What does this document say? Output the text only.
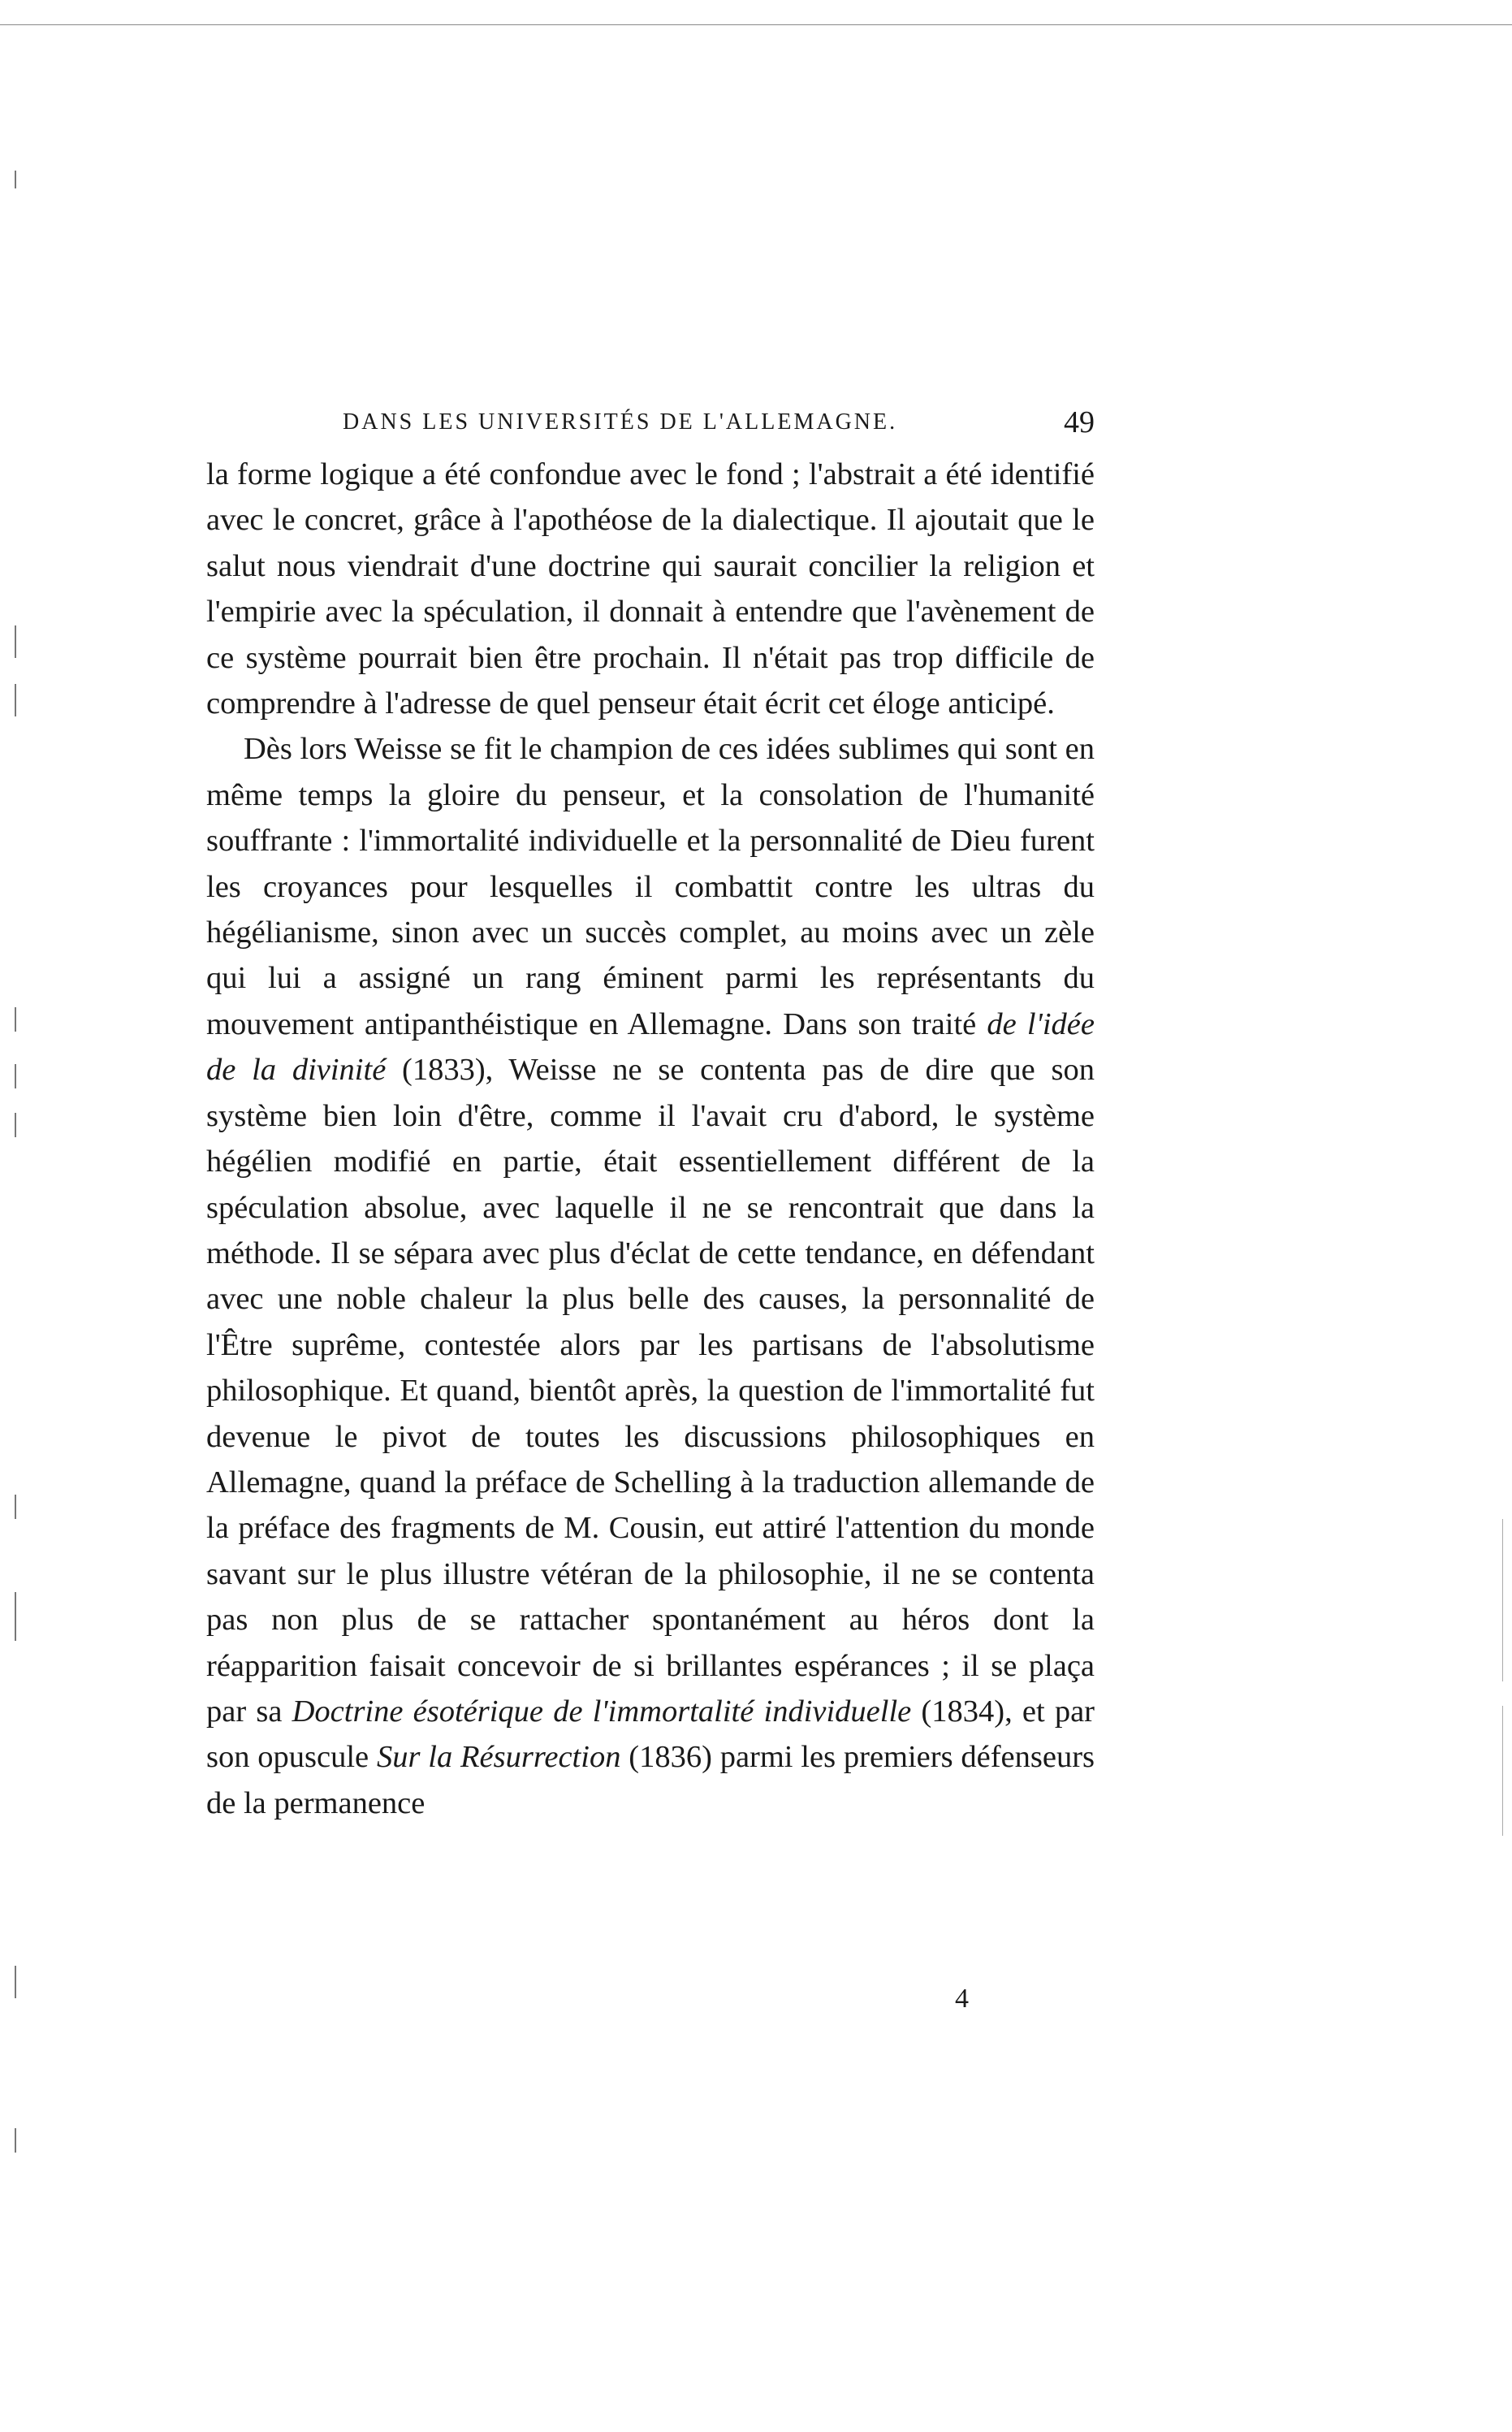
DANS LES UNIVERSITÉS DE L'ALLEMAGNE.	49

la forme logique a été confondue avec le fond ; l'abstrait a été identifié avec le concret, grâce à l'apothéose de la dialectique. Il ajoutait que le salut nous viendrait d'une doctrine qui saurait concilier la religion et l'empirie avec la spéculation, il donnait à entendre que l'avènement de ce système pourrait bien être prochain. Il n'était pas trop difficile de comprendre à l'adresse de quel penseur était écrit cet éloge anticipé.

Dès lors Weisse se fit le champion de ces idées sublimes qui sont en même temps la gloire du penseur, et la consolation de l'humanité souffrante : l'immortalité individuelle et la personnalité de Dieu furent les croyances pour lesquelles il combattit contre les ultras du hégélianisme, sinon avec un succès complet, au moins avec un zèle qui lui a assigné un rang éminent parmi les représentants du mouvement antipanthéistique en Allemagne. Dans son traité de l'idée de la divinité (1833), Weisse ne se contenta pas de dire que son système bien loin d'être, comme il l'avait cru d'abord, le système hégélien modifié en partie, était essentiellement différent de la spéculation absolue, avec laquelle il ne se rencontrait que dans la méthode. Il se sépara avec plus d'éclat de cette tendance, en défendant avec une noble chaleur la plus belle des causes, la personnalité de l'Être suprême, contestée alors par les partisans de l'absolutisme philosophique. Et quand, bientôt après, la question de l'immortalité fut devenue le pivot de toutes les discussions philosophiques en Allemagne, quand la préface de Schelling à la traduction allemande de la préface des fragments de M. Cousin, eut attiré l'attention du monde savant sur le plus illustre vétéran de la philosophie, il ne se contenta pas non plus de se rattacher spontanément au héros dont la réapparition faisait concevoir de si brillantes espérances ; il se plaça par sa Doctrine ésotérique de l'immortalité individuelle (1834), et par son opuscule Sur la Résurrection (1836) parmi les premiers défenseurs de la permanence

4
